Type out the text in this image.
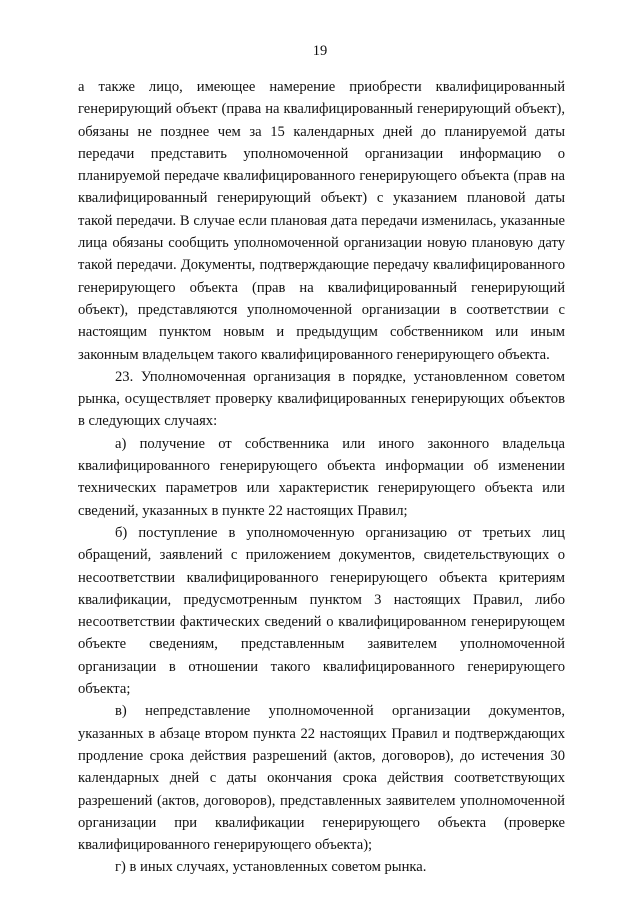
19

а также лицо, имеющее намерение приобрести квалифицированный генерирующий объект (права на квалифицированный генерирующий объект), обязаны не позднее чем за 15 календарных дней до планируемой даты передачи представить уполномоченной организации информацию о планируемой передаче квалифицированного генерирующего объекта (прав на квалифицированный генерирующий объект) с указанием плановой даты такой передачи. В случае если плановая дата передачи изменилась, указанные лица обязаны сообщить уполномоченной организации новую плановую дату такой передачи. Документы, подтверждающие передачу квалифицированного генерирующего объекта (прав на квалифицированный генерирующий объект), представляются уполномоченной организации в соответствии с настоящим пунктом новым и предыдущим собственником или иным законным владельцем такого квалифицированного генерирующего объекта.

23. Уполномоченная организация в порядке, установленном советом рынка, осуществляет проверку квалифицированных генерирующих объектов в следующих случаях:

а) получение от собственника или иного законного владельца квалифицированного генерирующего объекта информации об изменении технических параметров или характеристик генерирующего объекта или сведений, указанных в пункте 22 настоящих Правил;

б) поступление в уполномоченную организацию от третьих лиц обращений, заявлений с приложением документов, свидетельствующих о несоответствии квалифицированного генерирующего объекта критериям квалификации, предусмотренным пунктом 3 настоящих Правил, либо несоответствии фактических сведений о квалифицированном генерирующем объекте сведениям, представленным заявителем уполномоченной организации в отношении такого квалифицированного генерирующего объекта;

в) непредставление уполномоченной организации документов, указанных в абзаце втором пункта 22 настоящих Правил и подтверждающих продление срока действия разрешений (актов, договоров), до истечения 30 календарных дней с даты окончания срока действия соответствующих разрешений (актов, договоров), представленных заявителем уполномоченной организации при квалификации генерирующего объекта (проверке квалифицированного генерирующего объекта);

г) в иных случаях, установленных советом рынка.
